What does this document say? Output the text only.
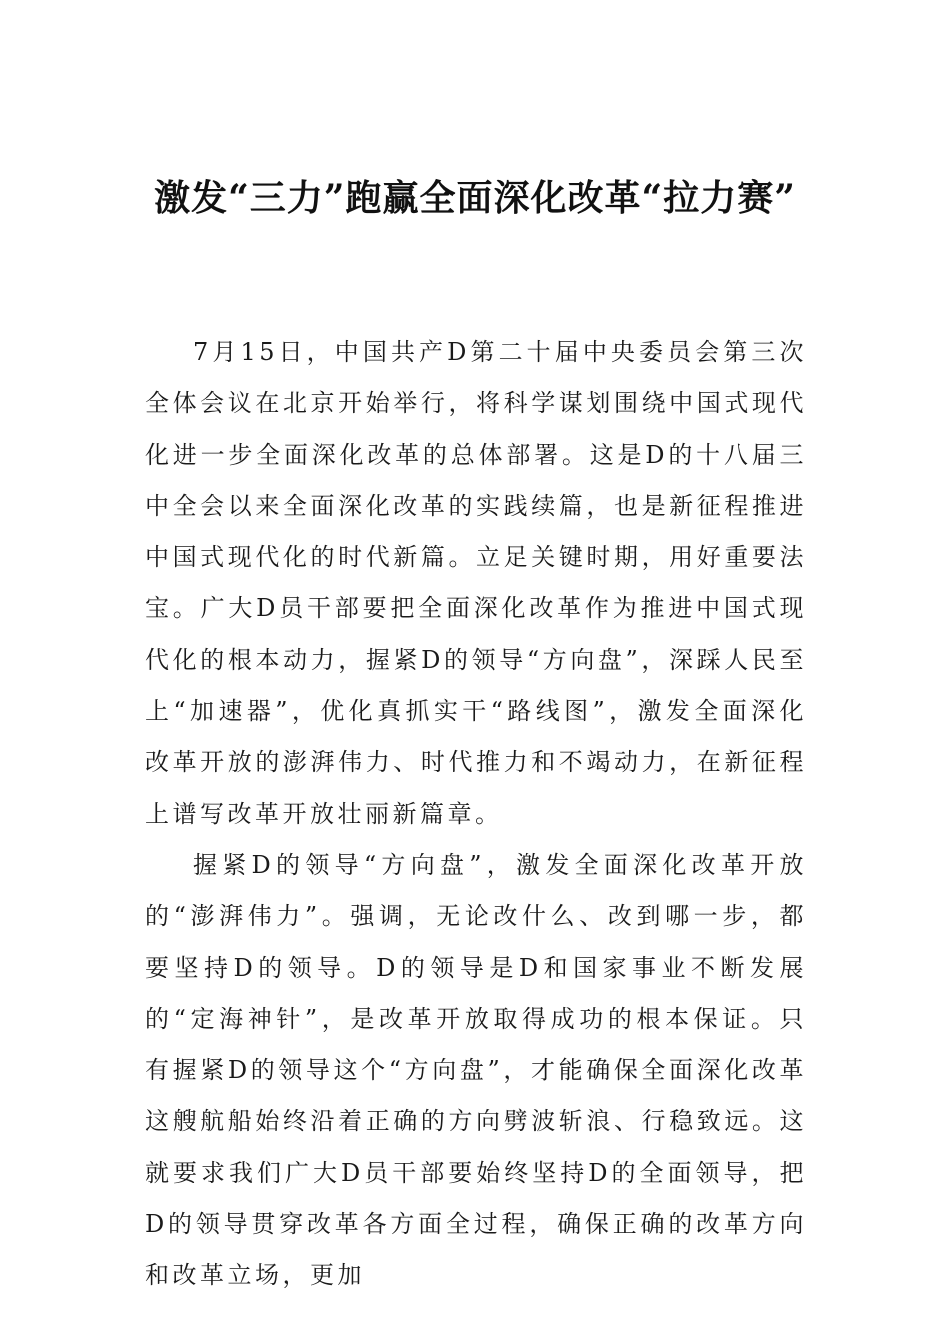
激发“三力”跑赢全面深化改革“拉力赛”

7月15日，中国共产D第二十届中央委员会第三次全体会议在北京开始举行，将科学谋划围绕中国式现代化进一步全面深化改革的总体部署。这是D的十八届三中全会以来全面深化改革的实践续篇，也是新征程推进中国式现代化的时代新篇。立足关键时期，用好重要法宝。广大D员干部要把全面深化改革作为推进中国式现代化的根本动力，握紧D的领导“方向盘”，深踩人民至上“加速器”，优化真抓实干“路线图”，激发全面深化改革开放的澎湃伟力、时代推力和不竭动力，在新征程上谱写改革开放壮丽新篇章。

握紧D的领导“方向盘”，激发全面深化改革开放的“澎湃伟力”。强调，无论改什么、改到哪一步，都要坚持D的领导。D的领导是D和国家事业不断发展的“定海神针”，是改革开放取得成功的根本保证。只有握紧D的领导这个“方向盘”，才能确保全面深化改革这艘航船始终沿着正确的方向劈波斩浪、行稳致远。这就要求我们广大D员干部要始终坚持D的全面领导，把D的领导贯穿改革各方面全过程，确保正确的改革方向和改革立场，更加
